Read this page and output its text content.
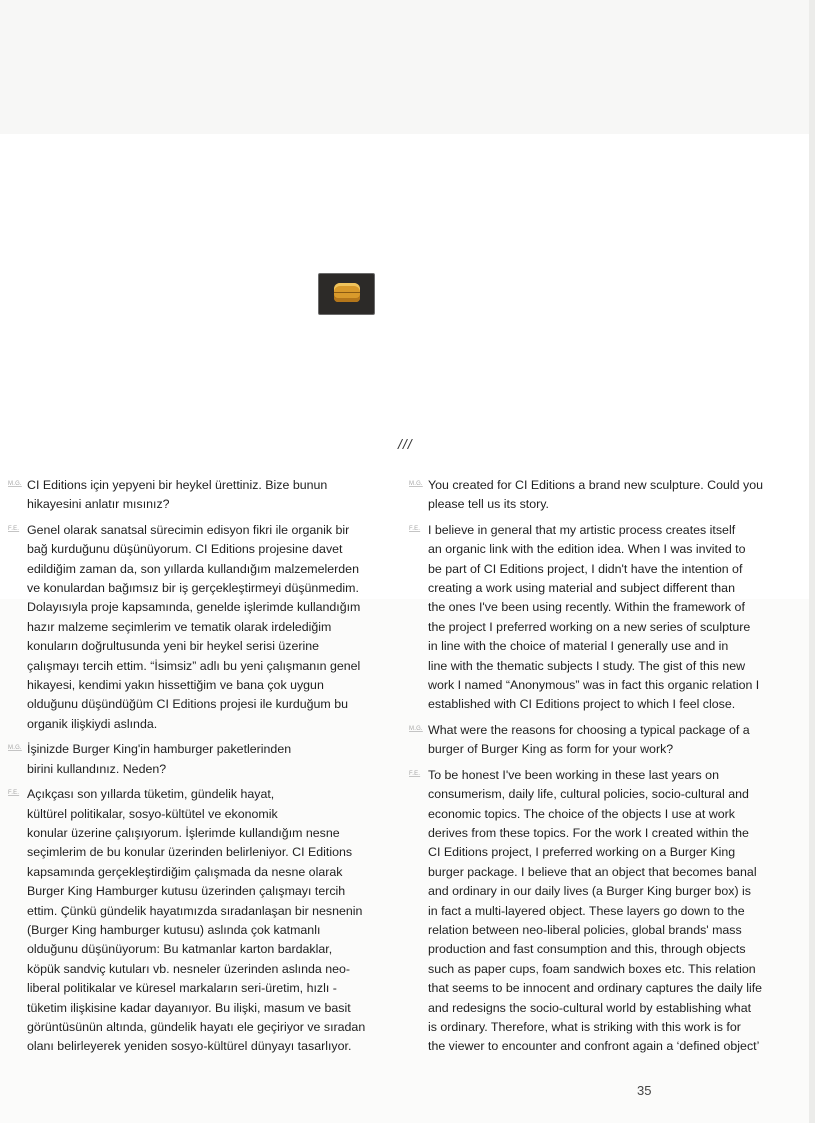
///
M.G. CI Editions için yepyeni bir heykel ürettiniz. Bize bunun
hikayesini anlatır mısınız?
F.E. Genel olarak sanatsal sürecimin edisyon fikri ile organik bir
bağ kurduğunu düşünüyorum. CI Editions projesine davet
edildiğim zaman da, son yıllarda kullandığım malzemelerden
ve konulardan bağımsız bir iş gerçekleştirmeyi düşünmedim.
Dolayısıyla proje kapsamında, genelde işlerimde kullandığım
hazır malzeme seçimlerim ve tematik olarak irdelediğim
konuların doğrultusunda yeni bir heykel serisi üzerine
çalışmayı tercih ettim. “İsimsiz” adlı bu yeni çalışmanın genel
hikayesi, kendimi yakın hissettiğim ve bana çok uygun
olduğunu düşündüğüm CI Editions projesi ile kurduğum bu
organik ilişkiydi aslında.
M.G. İşinizde Burger King'in hamburger paketlerinden
birini kullandınız. Neden?
F.E. Açıkçası son yıllarda tüketim, gündelik hayat,
kültürel politikalar, sosyo-kültütel ve ekonomik
konular üzerine çalışıyorum. İşlerimde kullandığım nesne
seçimlerim de bu konular üzerinden belirleniyor. CI Editions
kapsamında gerçekleştirdiğim çalışmada da nesne olarak
Burger King Hamburger kutusu üzerinden çalışmayı tercih
ettim. Çünkü gündelik hayatımızda sıradanlaşan bir nesnenin
(Burger King hamburger kutusu) aslında çok katmanlı
olduğunu düşünüyorum: Bu katmanlar karton bardaklar,
köpük sandviç kutuları vb. nesneler üzerinden aslında neo-
liberal politikalar ve küresel markaların seri-üretim, hızlı -
tüketim ilişkisine kadar dayanıyor. Bu ilişki, masum ve basit
görüntüsünün altında, gündelik hayatı ele geçiriyor ve sıradan
olanı belirleyerek yeniden sosyo-kültürel dünyayı tasarlıyor.
M.G. You created for CI Editions a brand new sculpture. Could you
please tell us its story.
F.E. I believe in general that my artistic process creates itself
an organic link with the edition idea. When I was invited to
be part of CI Editions project, I didn't have the intention of
creating a work using material and subject different than
the ones I've been using recently. Within the framework of
the project I preferred working on a new series of sculpture
in line with the choice of material I generally use and in
line with the thematic subjects I study. The gist of this new
work I named “Anonymous” was in fact this organic relation I
established with CI Editions project to which I feel close.
M.G. What were the reasons for choosing a typical package of a
burger of Burger King as form for your work?
F.E. To be honest I've been working in these last years on
consumerism, daily life, cultural policies, socio-cultural and
economic topics. The choice of the objects I use at work
derives from these topics. For the work I created within the
CI Editions project, I preferred working on a Burger King
burger package. I believe that an object that becomes banal
and ordinary in our daily lives (a Burger King burger box) is
in fact a multi-layered object. These layers go down to the
relation between neo-liberal policies, global brands' mass
production and fast consumption and this, through objects
such as paper cups, foam sandwich boxes etc. This relation
that seems to be innocent and ordinary captures the daily life
and redesigns the socio-cultural world by establishing what
is ordinary. Therefore, what is striking with this work is for
the viewer to encounter and confront again a ‘defined object’
35
